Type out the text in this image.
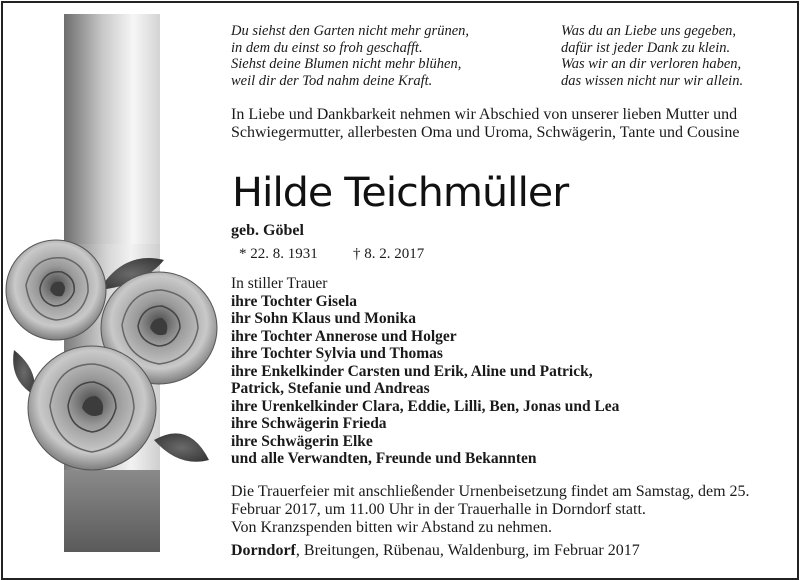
Du siehst den Garten nicht mehr grünen,
in dem du einst so froh geschafft.
Siehst deine Blumen nicht mehr blühen,
weil dir der Tod nahm deine Kraft.
Was du an Liebe uns gegeben,
dafür ist jeder Dank zu klein.
Was wir an dir verloren haben,
das wissen nicht nur wir allein.
In Liebe und Dankbarkeit nehmen wir Abschied von unserer lieben Mutter und Schwiegermutter, allerbesten Oma und Uroma, Schwägerin, Tante und Cousine
Hilde Teichmüller
geb. Göbel
* 22. 8. 1931 † 8. 2. 2017
In stiller Trauer
ihre Tochter Gisela
ihr Sohn Klaus und Monika
ihre Tochter Annerose und Holger
ihre Tochter Sylvia und Thomas
ihre Enkelkinder Carsten und Erik, Aline und Patrick,
Patrick, Stefanie und Andreas
ihre Urenkelkinder Clara, Eddie, Lilli, Ben, Jonas und Lea
ihre Schwägerin Frieda
ihre Schwägerin Elke
und alle Verwandten, Freunde und Bekannten
Die Trauerfeier mit anschließender Urnenbeisetzung findet am Samstag, dem 25. Februar 2017, um 11.00 Uhr in der Trauerhalle in Dorndorf statt.
Von Kranzspenden bitten wir Abstand zu nehmen.
Dorndorf, Breitungen, Rübenau, Waldenburg, im Februar 2017
